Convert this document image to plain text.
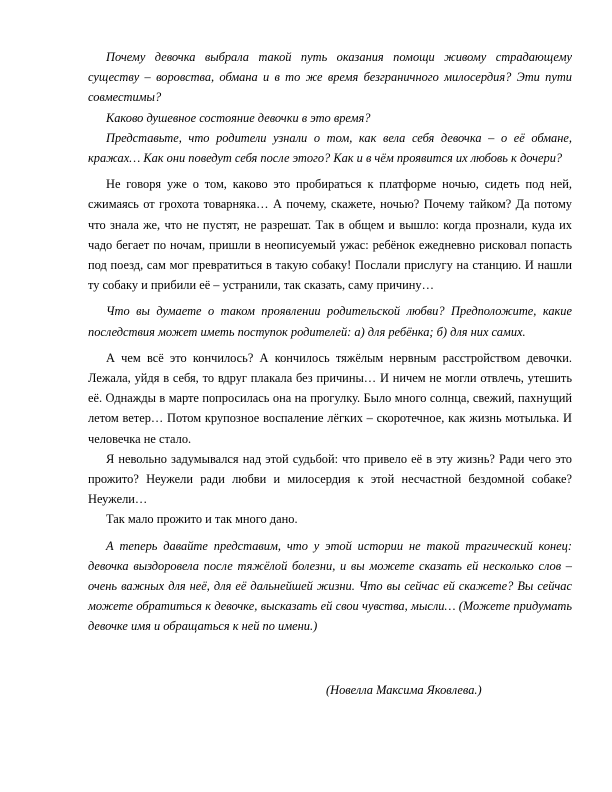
Почему девочка выбрала такой путь оказания помощи живому страдающему существу – воровства, обмана и в то же время безграничного милосердия? Эти пути совместимы?

Каково душевное состояние девочки в это время?

Представьте, что родители узнали о том, как вела себя девочка – о её обмане, кражах… Как они поведут себя после этого? Как и в чём проявится их любовь к дочери?

Не говоря уже о том, каково это пробираться к платформе ночью, сидеть под ней, сжимаясь от грохота товарняка… А почему, скажете, ночью? Почему тайком? Да потому что знала же, что не пустят, не разрешат. Так в общем и вышло: когда прознали, куда их чадо бегает по ночам, пришли в неописуемый ужас: ребёнок ежедневно рисковал попасть под поезд, сам мог превратиться в такую собаку! Послали прислугу на станцию. И нашли ту собаку и прибили её – устранили, так сказать, саму причину…

Что вы думаете о таком проявлении родительской любви? Предположите, какие последствия может иметь поступок родителей: а) для ребёнка; б) для них самих.

А чем всё это кончилось? А кончилось тяжёлым нервным расстройством девочки. Лежала, уйдя в себя, то вдруг плакала без причины… И ничем не могли отвлечь, утешить её. Однажды в марте попросилась она на прогулку. Было много солнца, свежий, пахнущий летом ветер… Потом крупозное воспаление лёгких – скоротечное, как жизнь мотылька. И человечка не стало.

Я невольно задумывался над этой судьбой: что привело её в эту жизнь? Ради чего это прожито? Неужели ради любви и милосердия к этой несчастной бездомной собаке? Неужели…

Так мало прожито и так много дано.

А теперь давайте представим, что у этой истории не такой трагический конец: девочка выздоровела после тяжёлой болезни, и вы можете сказать ей несколько слов – очень важных для неё, для её дальнейшей жизни. Что вы сейчас ей скажете? Вы сейчас можете обратиться к девочке, высказать ей свои чувства, мысли… (Можете придумать девочке имя и обращаться к ней по имени.)

(Новелла Максима Яковлева.)
